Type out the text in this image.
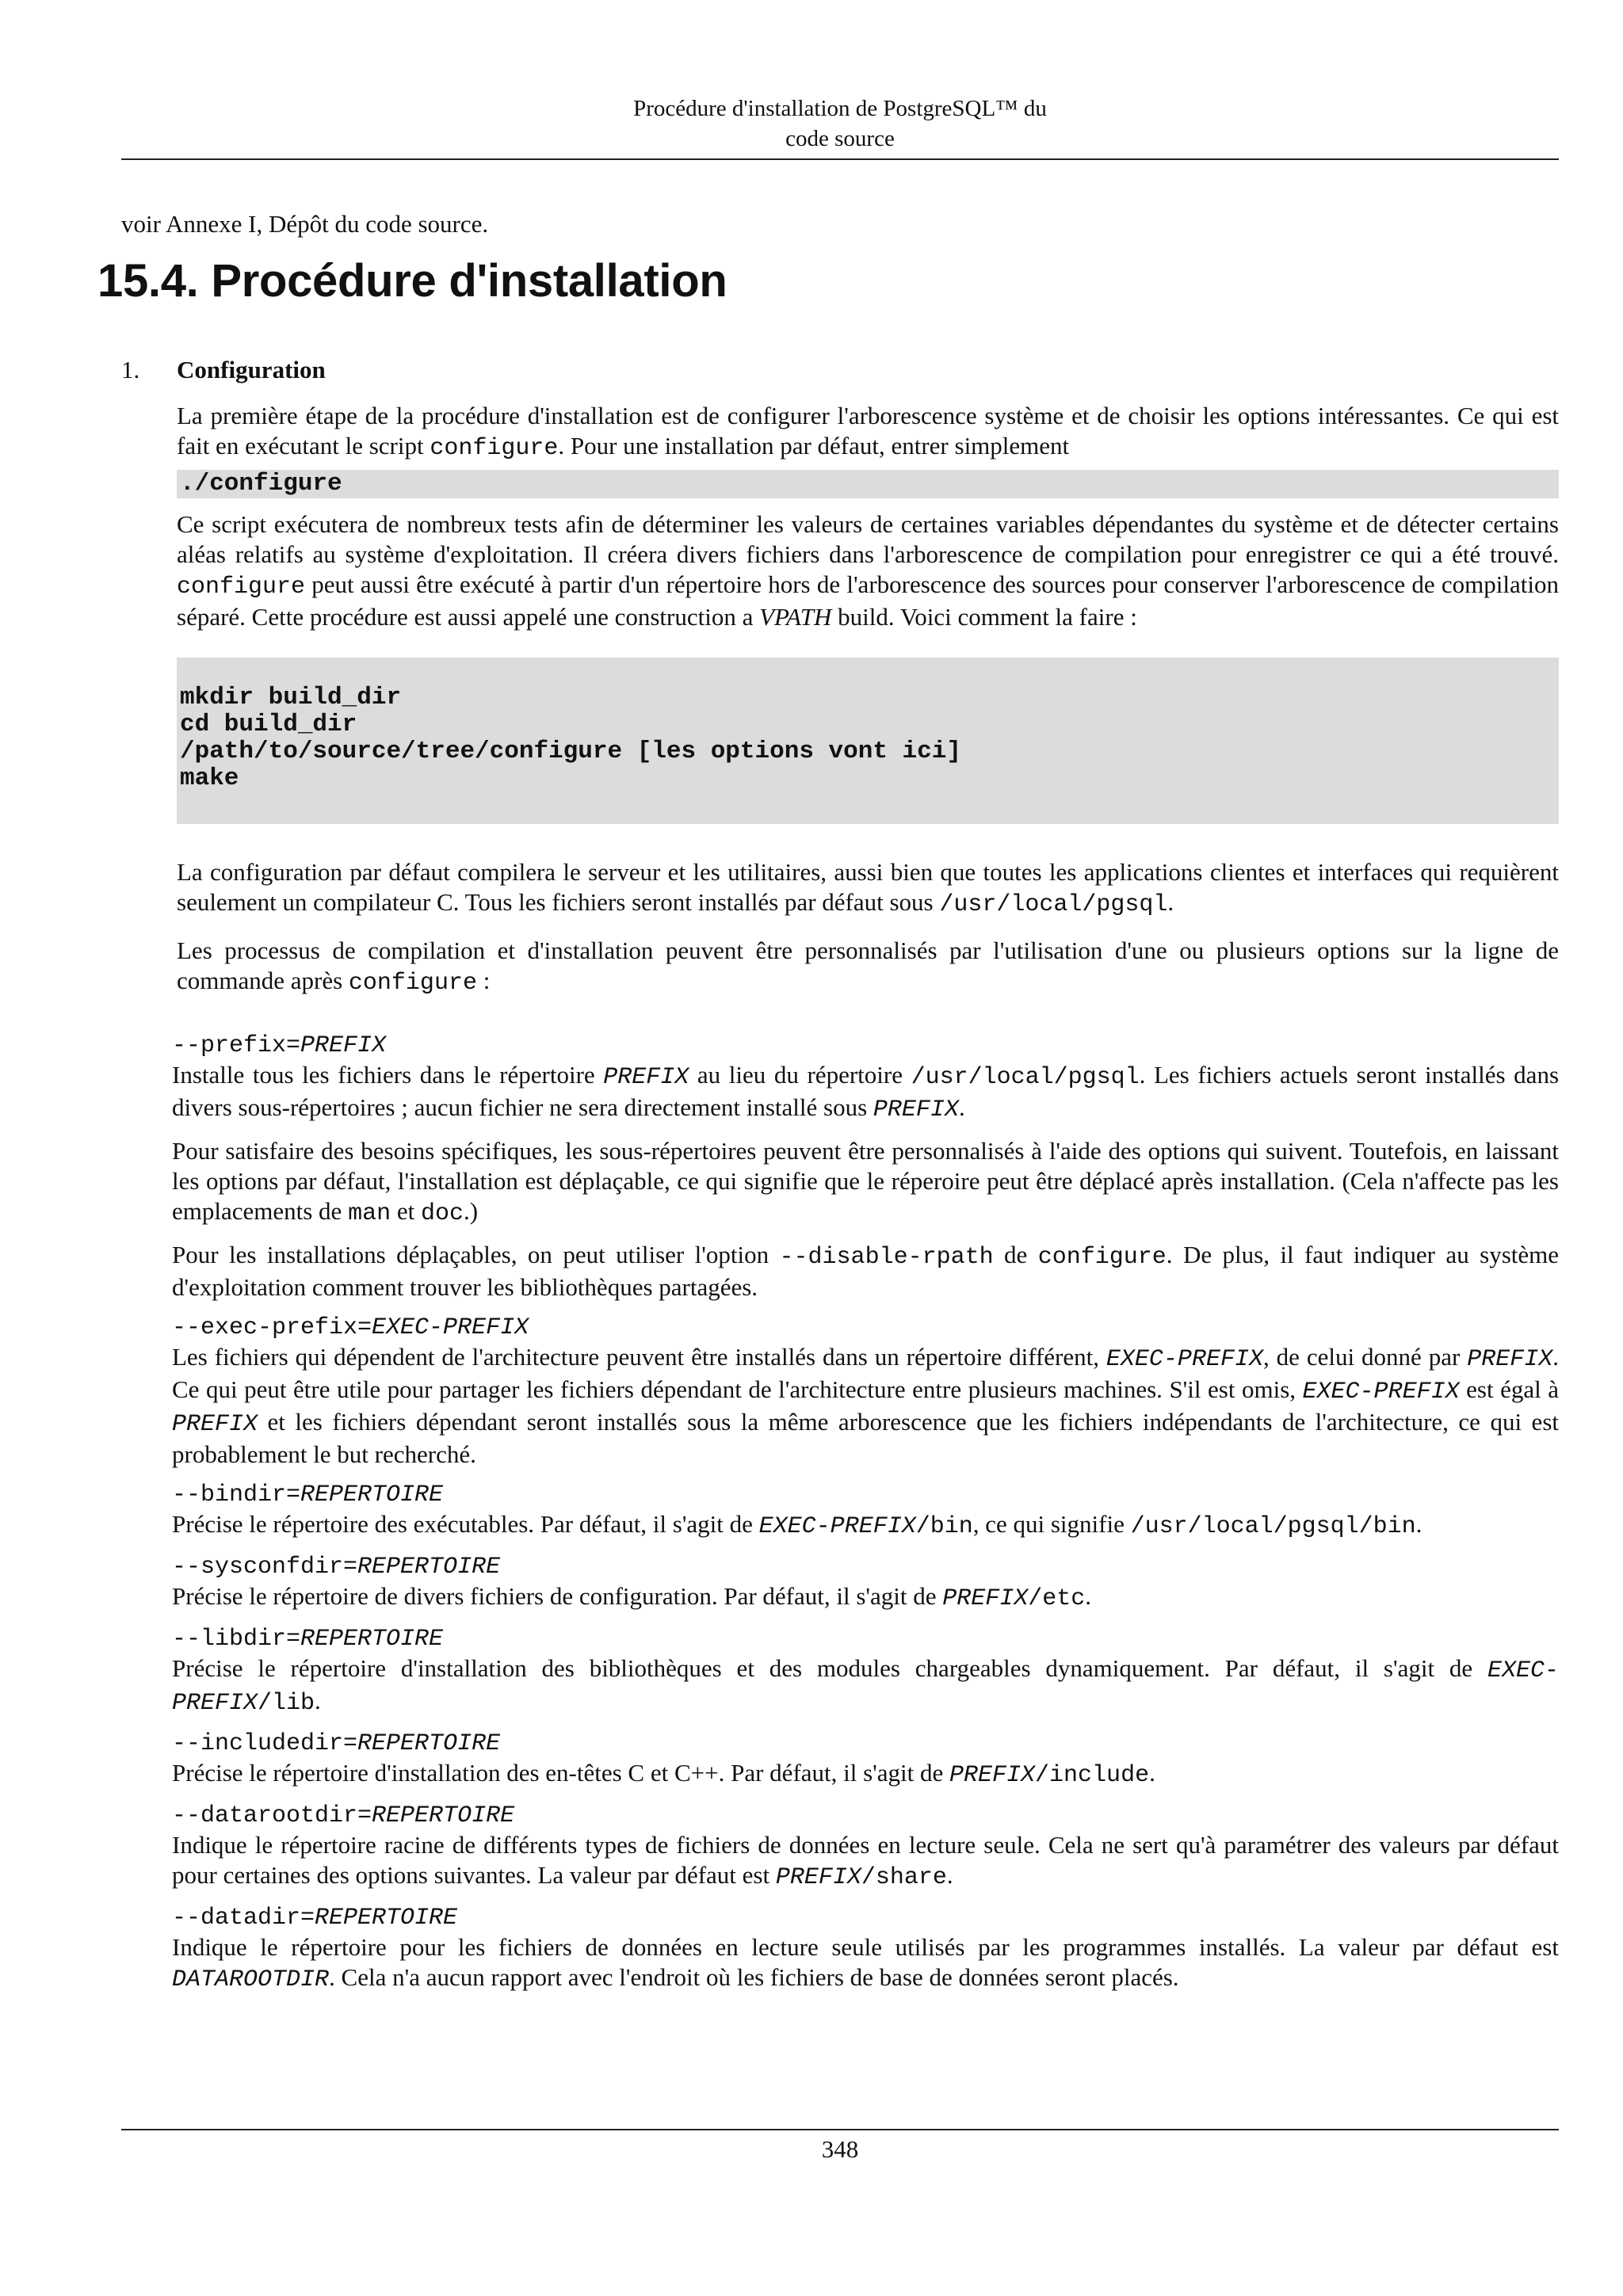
Procédure d'installation de PostgreSQL™ du
code source

voir Annexe I, Dépôt du code source.

15.4. Procédure d'installation
1. Configuration

La première étape de la procédure d'installation est de configurer l'arborescence système et de choisir les options intéressantes. Ce qui est fait en exécutant le script configure. Pour une installation par défaut, entrer simplement

./configure

Ce script exécutera de nombreux tests afin de déterminer les valeurs de certaines variables dépendantes du système et de détecter certains aléas relatifs au système d'exploitation. Il créera divers fichiers dans l'arborescence de compilation pour enregistrer ce qui a été trouvé. configure peut aussi être exécuté à partir d'un répertoire hors de l'arborescence des sources pour conserver l'arborescence de compilation séparé. Cette procédure est aussi appelé une construction a VPATH build. Voici comment la faire :

mkdir build_dir
cd build_dir
/path/to/source/tree/configure [les options vont ici]
make

La configuration par défaut compilera le serveur et les utilitaires, aussi bien que toutes les applications clientes et interfaces qui requièrent seulement un compilateur C. Tous les fichiers seront installés par défaut sous /usr/local/pgsql.

Les processus de compilation et d'installation peuvent être personnalisés par l'utilisation d'une ou plusieurs options sur la ligne de commande après configure :

--prefix=PREFIX

Installe tous les fichiers dans le répertoire PREFIX au lieu du répertoire /usr/local/pgsql. Les fichiers actuels seront installés dans divers sous-répertoires ; aucun fichier ne sera directement installé sous PREFIX.

Pour satisfaire des besoins spécifiques, les sous-répertoires peuvent être personnalisés à l'aide des options qui suivent. Toutefois, en laissant les options par défaut, l'installation est déplaçable, ce qui signifie que le réperoire peut être déplacé après installation. (Cela n'affecte pas les emplacements de man et doc.)

Pour les installations déplaçables, on peut utiliser l'option --disable-rpath de configure. De plus, il faut indiquer au système d'exploitation comment trouver les bibliothèques partagées.

--exec-prefix=EXEC-PREFIX

Les fichiers qui dépendent de l'architecture peuvent être installés dans un répertoire différent, EXEC-PREFIX, de celui donné par PREFIX. Ce qui peut être utile pour partager les fichiers dépendant de l'architecture entre plusieurs machines. S'il est omis, EXEC-PREFIX est égal à PREFIX et les fichiers dépendant seront installés sous la même arborescence que les fichiers indépendants de l'architecture, ce qui est probablement le but recherché.

--bindir=REPERTOIRE

Précise le répertoire des exécutables. Par défaut, il s'agit de EXEC-PREFIX/bin, ce qui signifie /usr/local/pgsql/bin.

--sysconfdir=REPERTOIRE

Précise le répertoire de divers fichiers de configuration. Par défaut, il s'agit de PREFIX/etc.

--libdir=REPERTOIRE

Précise le répertoire d'installation des bibliothèques et des modules chargeables dynamiquement. Par défaut, il s'agit de EXEC-PREFIX/lib.

--includedir=REPERTOIRE

Précise le répertoire d'installation des en-têtes C et C++. Par défaut, il s'agit de PREFIX/include.

--datarootdir=REPERTOIRE

Indique le répertoire racine de différents types de fichiers de données en lecture seule. Cela ne sert qu'à paramétrer des valeurs par défaut pour certaines des options suivantes. La valeur par défaut est PREFIX/share.

--datadir=REPERTOIRE

Indique le répertoire pour les fichiers de données en lecture seule utilisés par les programmes installés. La valeur par défaut est DATAROOTDIR. Cela n'a aucun rapport avec l'endroit où les fichiers de base de données seront placés.

348
